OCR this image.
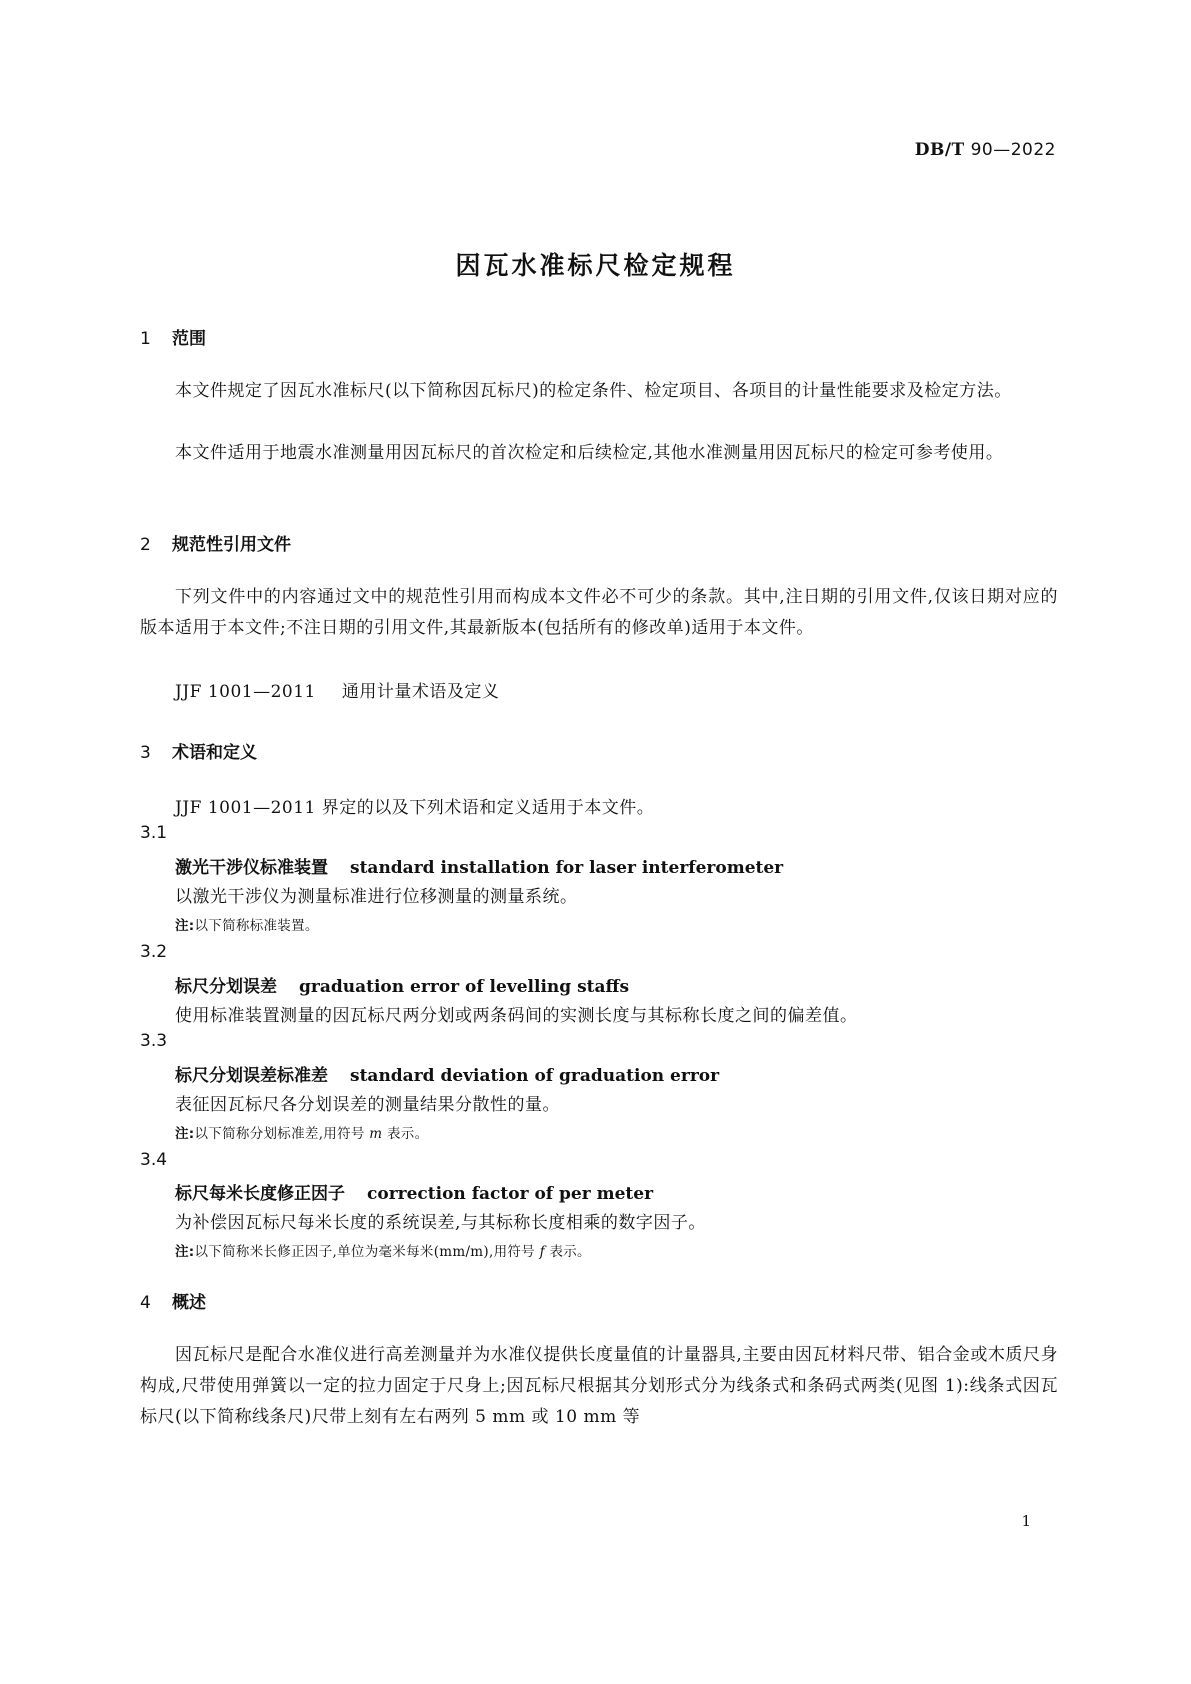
DB/T 90—2022
因瓦水准标尺检定规程
1 范围

本文件规定了因瓦水准标尺(以下简称因瓦标尺)的检定条件、检定项目、各项目的计量性能要求及检定方法。

本文件适用于地震水准测量用因瓦标尺的首次检定和后续检定,其他水准测量用因瓦标尺的检定可参考使用。

2 规范性引用文件

下列文件中的内容通过文中的规范性引用而构成本文件必不可少的条款。其中,注日期的引用文件,仅该日期对应的版本适用于本文件;不注日期的引用文件,其最新版本(包括所有的修改单)适用于本文件。

JJF 1001—2011 通用计量术语及定义
3 术语和定义
JJF 1001—2011 界定的以及下列术语和定义适用于本文件。
3.1
激光干涉仪标准装置 standard installation for laser interferometer
以激光干涉仪为测量标准进行位移测量的测量系统。
注:以下简称标准装置。
3.2
标尺分划误差 graduation error of levelling staffs
使用标准装置测量的因瓦标尺两分划或两条码间的实测长度与其标称长度之间的偏差值。
3.3
标尺分划误差标准差 standard deviation of graduation error
表征因瓦标尺各分划误差的测量结果分散性的量。
注:以下简称分划标准差,用符号 m 表示。
3.4
标尺每米长度修正因子 correction factor of per meter
为补偿因瓦标尺每米长度的系统误差,与其标称长度相乘的数字因子。
注:以下简称米长修正因子,单位为毫米每米(mm/m),用符号 f 表示。
4 概述

因瓦标尺是配合水准仪进行高差测量并为水准仪提供长度量值的计量器具,主要由因瓦材料尺带、铝合金或木质尺身构成,尺带使用弹簧以一定的拉力固定于尺身上;因瓦标尺根据其分划形式分为线条式和条码式两类(见图 1):线条式因瓦标尺(以下简称线条尺)尺带上刻有左右两列 5 mm 或 10 mm 等

1
